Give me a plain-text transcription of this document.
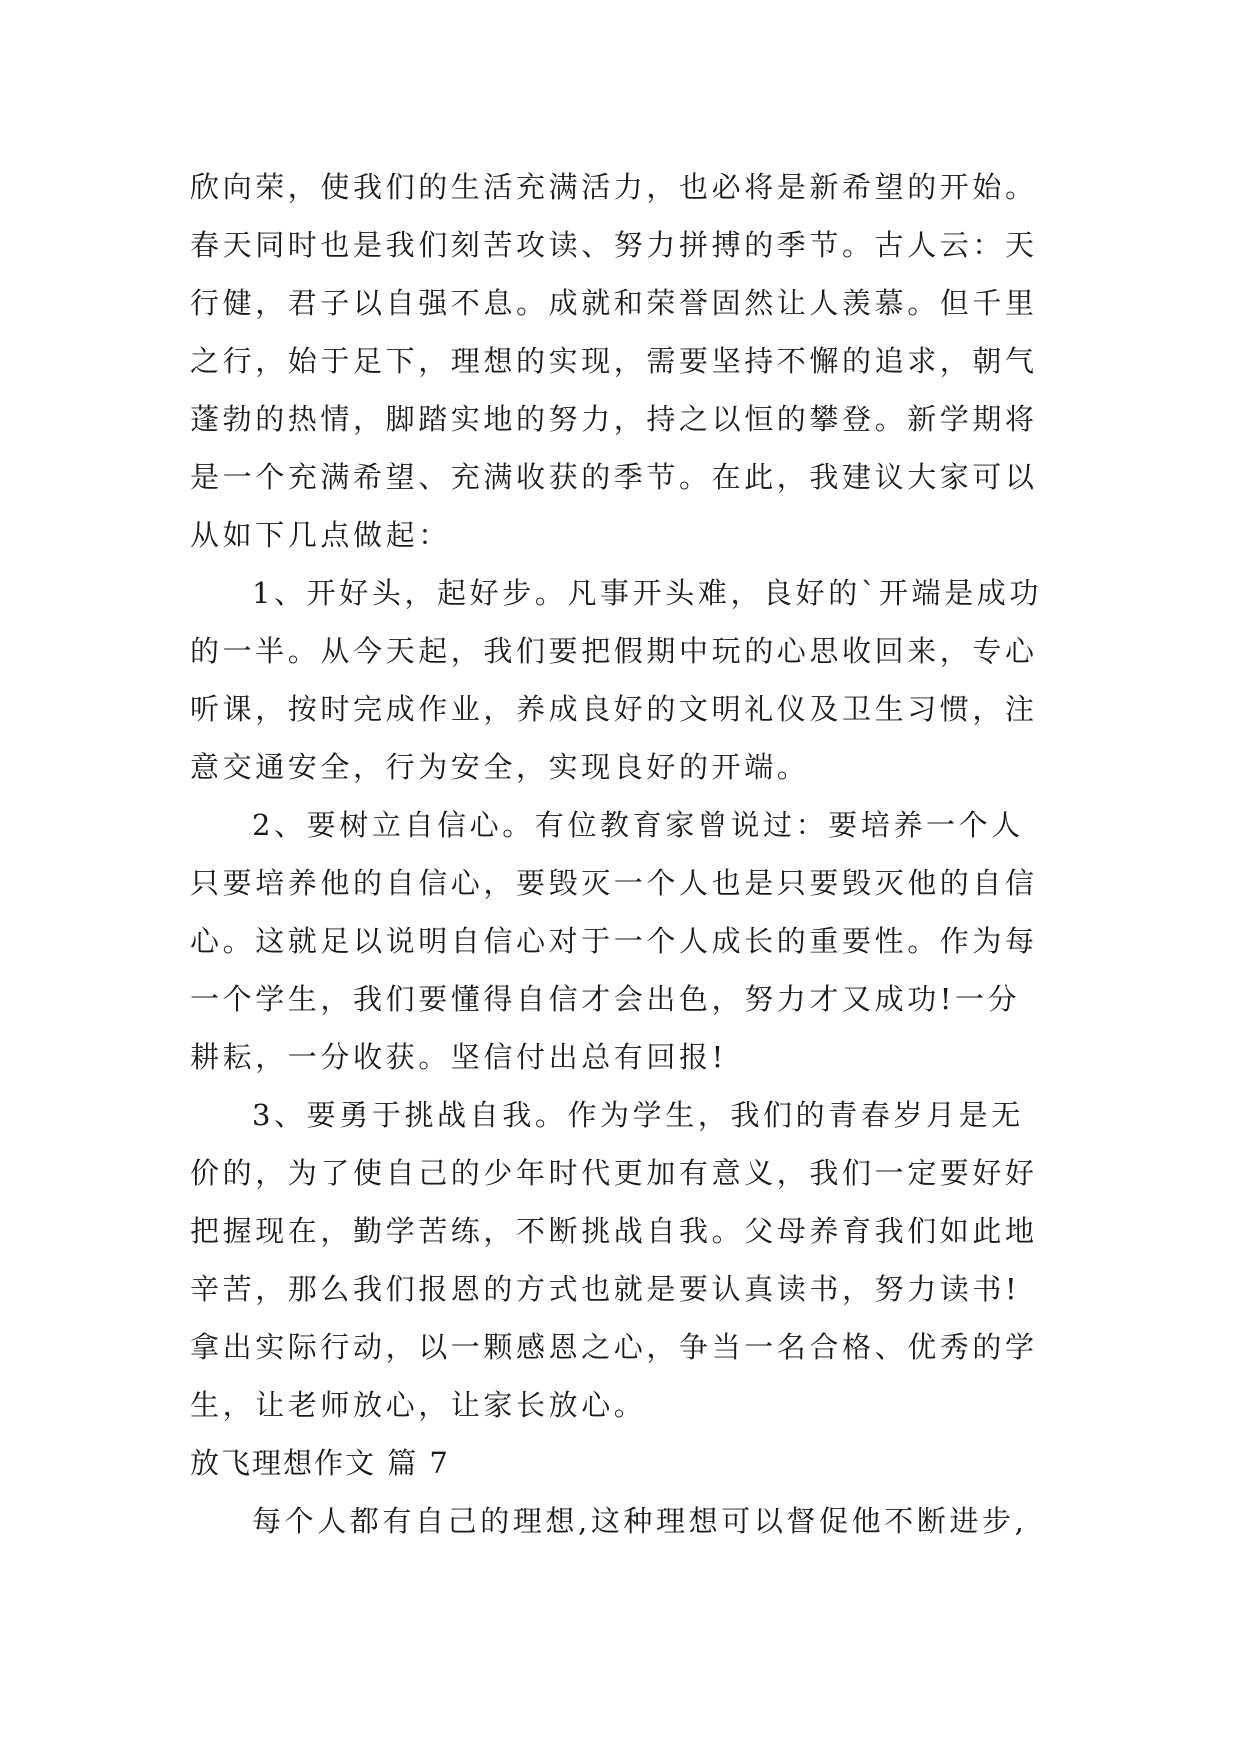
欣向荣，使我们的生活充满活力，也必将是新希望的开始。
春天同时也是我们刻苦攻读、努力拼搏的季节。古人云：天
行健，君子以自强不息。成就和荣誉固然让人羡慕。但千里
之行，始于足下，理想的实现，需要坚持不懈的追求，朝气
蓬勃的热情，脚踏实地的努力，持之以恒的攀登。新学期将
是一个充满希望、充满收获的季节。在此，我建议大家可以
从如下几点做起：
1、开好头，起好步。凡事开头难，良好的`开端是成功
的一半。从今天起，我们要把假期中玩的心思收回来，专心
听课，按时完成作业，养成良好的文明礼仪及卫生习惯，注
意交通安全，行为安全，实现良好的开端。
2、要树立自信心。有位教育家曾说过：要培养一个人
只要培养他的自信心，要毁灭一个人也是只要毁灭他的自信
心。这就足以说明自信心对于一个人成长的重要性。作为每
一个学生，我们要懂得自信才会出色，努力才又成功!一分
耕耘，一分收获。坚信付出总有回报!
3、要勇于挑战自我。作为学生，我们的青春岁月是无
价的，为了使自己的少年时代更加有意义，我们一定要好好
把握现在，勤学苦练，不断挑战自我。父母养育我们如此地
辛苦，那么我们报恩的方式也就是要认真读书，努力读书!
拿出实际行动，以一颗感恩之心，争当一名合格、优秀的学
生，让老师放心，让家长放心。
放飞理想作文 篇 7
每个人都有自己的理想,这种理想可以督促他不断进步,
